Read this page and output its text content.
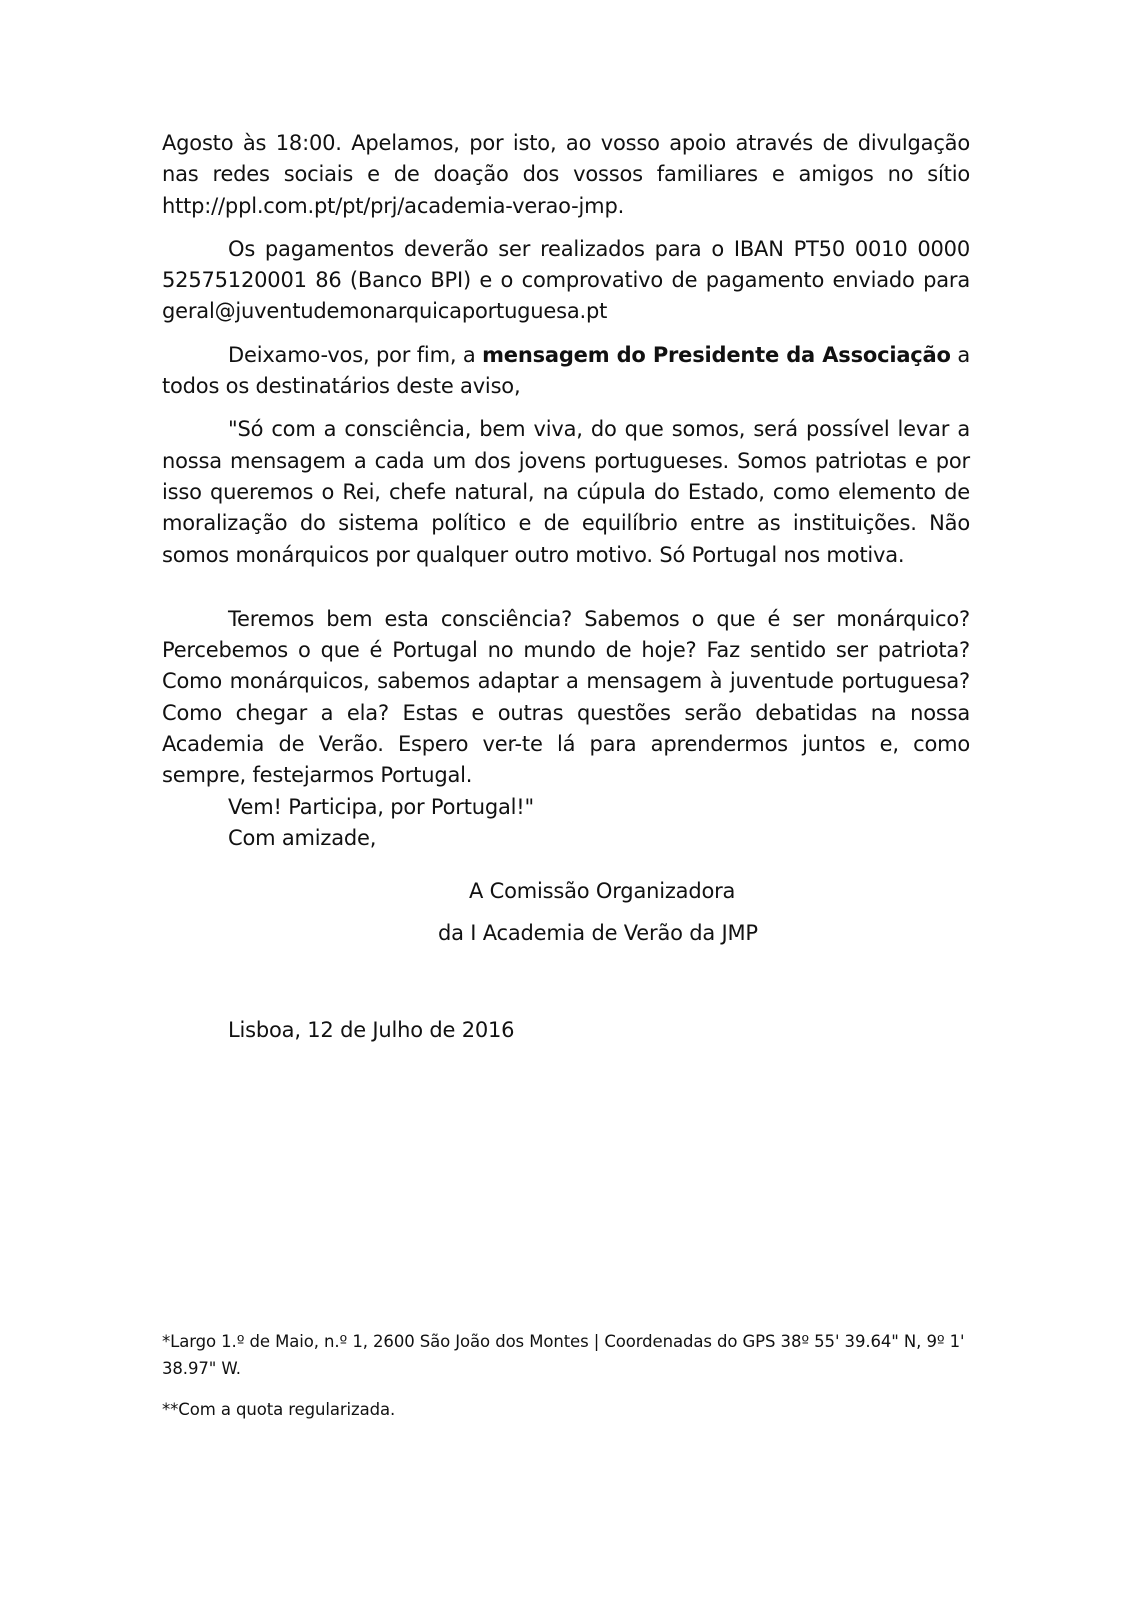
Agosto às 18:00. Apelamos, por isto, ao vosso apoio através de divulgação nas redes sociais e de doação dos vossos familiares e amigos no sítio http://ppl.com.pt/pt/prj/academia-verao-jmp.

Os pagamentos deverão ser realizados para o IBAN PT50 0010 0000 52575120001 86 (Banco BPI) e o comprovativo de pagamento enviado para geral@juventudemonarquicaportuguesa.pt

Deixamo-vos, por fim, a mensagem do Presidente da Associação a todos os destinatários deste aviso,

"Só com a consciência, bem viva, do que somos, será possível levar a nossa mensagem a cada um dos jovens portugueses. Somos patriotas e por isso queremos o Rei, chefe natural, na cúpula do Estado, como elemento de moralização do sistema político e de equilíbrio entre as instituições. Não somos monárquicos por qualquer outro motivo. Só Portugal nos motiva.

Teremos bem esta consciência? Sabemos o que é ser monárquico? Percebemos o que é Portugal no mundo de hoje? Faz sentido ser patriota? Como monárquicos, sabemos adaptar a mensagem à juventude portuguesa? Como chegar a ela? Estas e outras questões serão debatidas na nossa Academia de Verão. Espero ver-te lá para aprendermos juntos e, como sempre, festejarmos Portugal.

Vem! Participa, por Portugal!"

Com amizade,

A Comissão Organizadora

da I Academia de Verão da JMP

Lisboa, 12 de Julho de 2016

*Largo 1.º de Maio, n.º 1, 2600 São João dos Montes | Coordenadas do GPS 38º 55' 39.64" N, 9º 1' 38.97" W.

**Com a quota regularizada.
